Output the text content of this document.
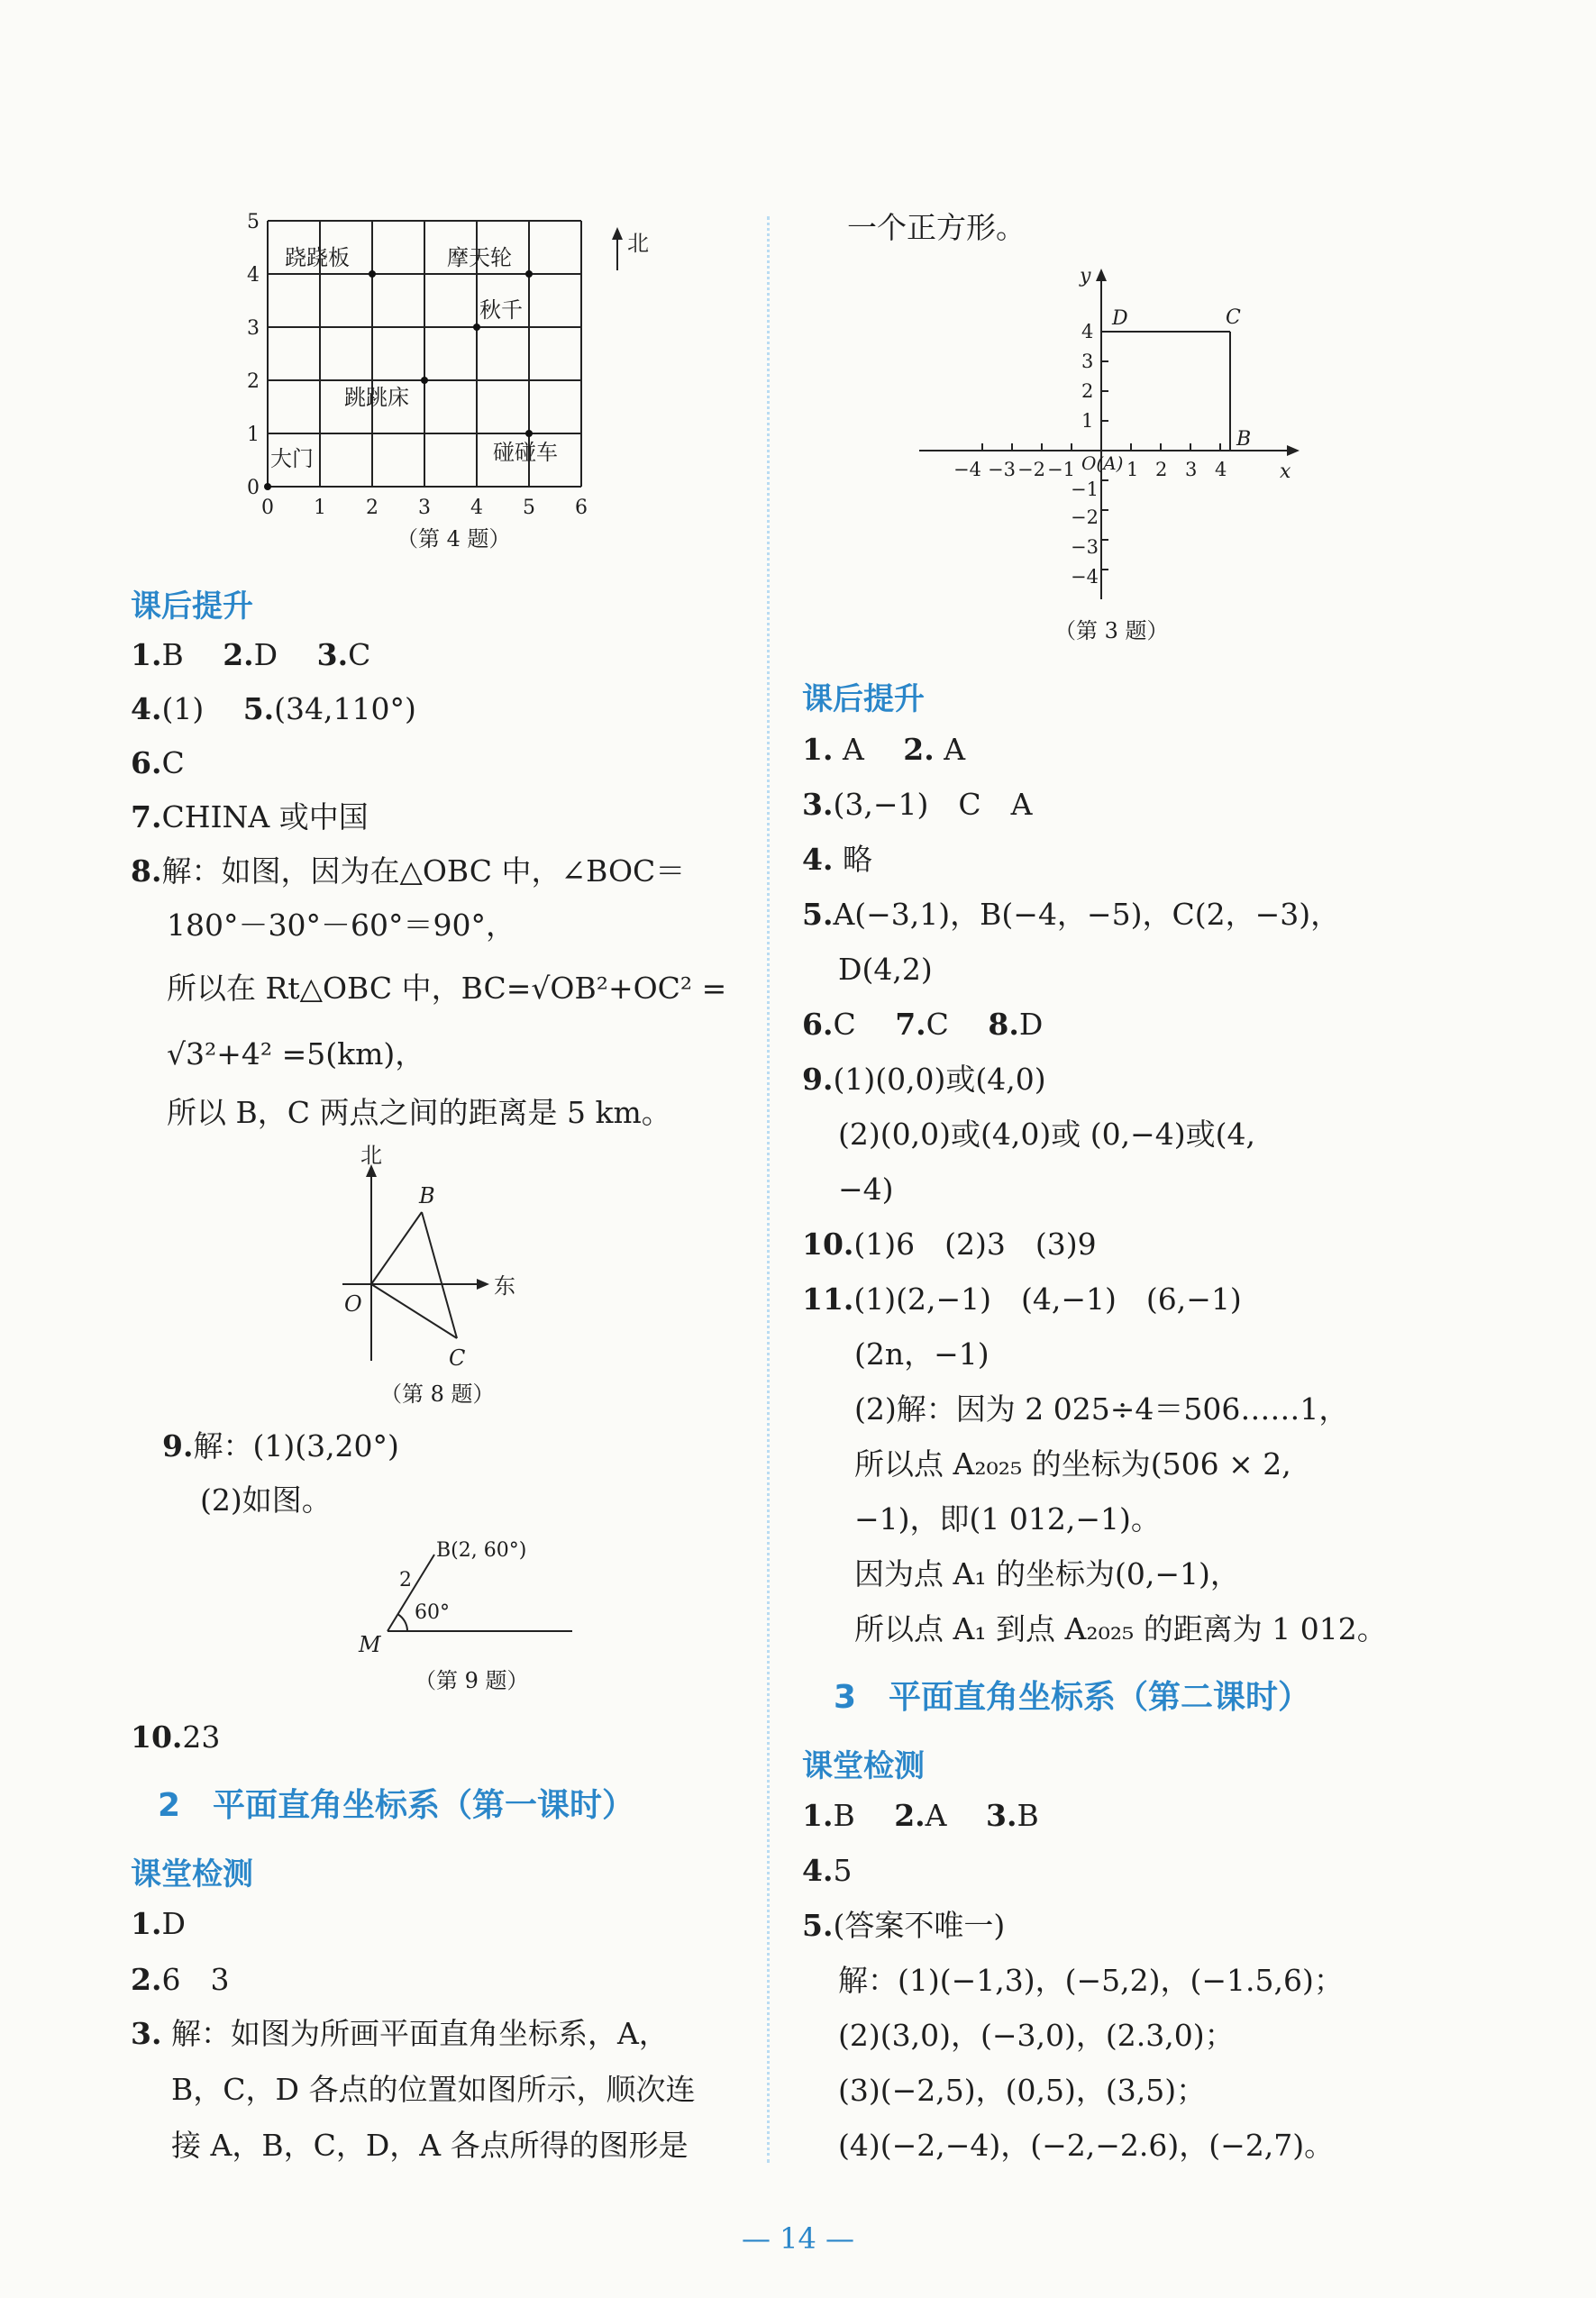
0
1
2
3
4
5
0 1 2 3 4 5 6
跷跷板	摩天轮
秋千
跳跳床
大门	碰碰车
北
（第 4 题）
课后提升
1.B　 2.D　 3.C
4.(1)　 5.(34,110°)
6.C
7.CHINA 或中国
8.解：如图，因为在△OBC 中，∠BOC＝
180°－30°－60°＝90°，
所以在 Rt△OBC 中，BC=√OB²+OC² =
√3²+4² =5(km)，
所以 B，C 两点之间的距离是 5 km。
北
东
B
O
C
（第 8 题）
9.解：(1)(3,20°)
(2)如图。
B(2, 60°)
2
60°
M
（第 9 题）
10.23
2　平面直角坐标系（第一课时）
课堂检测
1.D
2.6　3
3. 解：如图为所画平面直角坐标系，A，
B，C，D 各点的位置如图所示，顺次连
接 A，B，C，D，A 各点所得的图形是
一个正方形。
y
x
−4 −3 −2 −1	1 2 3 4
4
3
2
1
−1
−2
−3
−4
O(A)
D	C
B
（第 3 题）
课后提升
1. A　 2. A
3.(3,−1)　C　A
4. 略
5.A(−3,1)，B(−4，−5)，C(2，−3)，
D(4,2)
6.C　 7.C　 8.D
9.(1)(0,0)或(4,0)
(2)(0,0)或(4,0)或 (0,−4)或(4,
−4)
10.(1)6　(2)3　(3)9
11.(1)(2,−1)　(4,−1)　(6,−1)
(2n，−1)
(2)解：因为 2 025÷4＝506……1，
所以点 A₂₀₂₅ 的坐标为(506 × 2,
−1)，即(1 012,−1)。
因为点 A₁ 的坐标为(0,−1)，
所以点 A₁ 到点 A₂₀₂₅ 的距离为 1 012。
3　平面直角坐标系（第二课时）
课堂检测
1.B　 2.A　 3.B
4.5
5.(答案不唯一)
解：(1)(−1,3)，(−5,2)，(−1.5,6)；
(2)(3,0)，(−3,0)，(2.3,0)；
(3)(−2,5)，(0,5)，(3,5)；
(4)(−2,−4)，(−2,−2.6)，(−2,7)。
— 14 —
